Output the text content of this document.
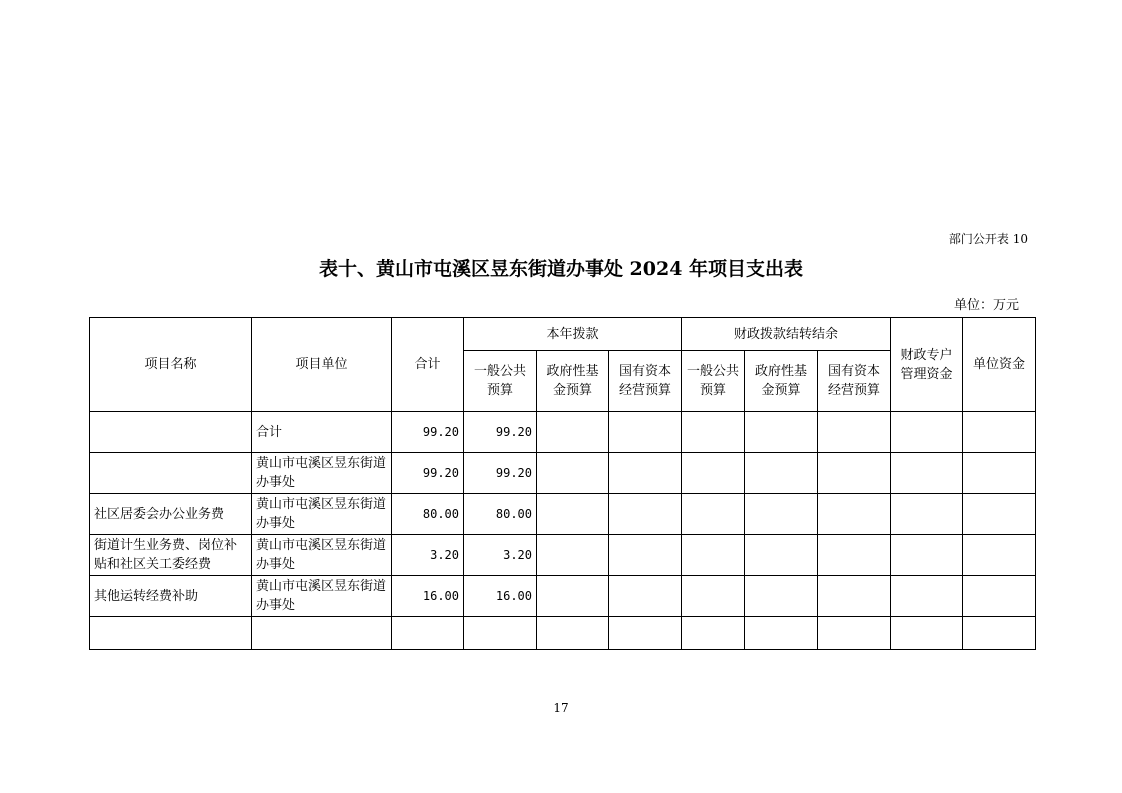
部门公开表 10
表十、黄山市屯溪区昱东街道办事处 2024 年项目支出表
单位：万元
项目名称	项目单位	合计	本年拨款			财政拨款结转结余			财政专户管理资金	单位资金
			一般公共预算	政府性基金预算	国有资本经营预算	一般公共预算	政府性基金预算	国有资本经营预算		
	合计	99.20	99.20							
	黄山市屯溪区昱东街道办事处	99.20	99.20							
社区居委会办公业务费	黄山市屯溪区昱东街道办事处	80.00	80.00							
街道计生业务费、岗位补贴和社区关工委经费	黄山市屯溪区昱东街道办事处	3.20	3.20							
其他运转经费补助	黄山市屯溪区昱东街道办事处	16.00	16.00							

17
